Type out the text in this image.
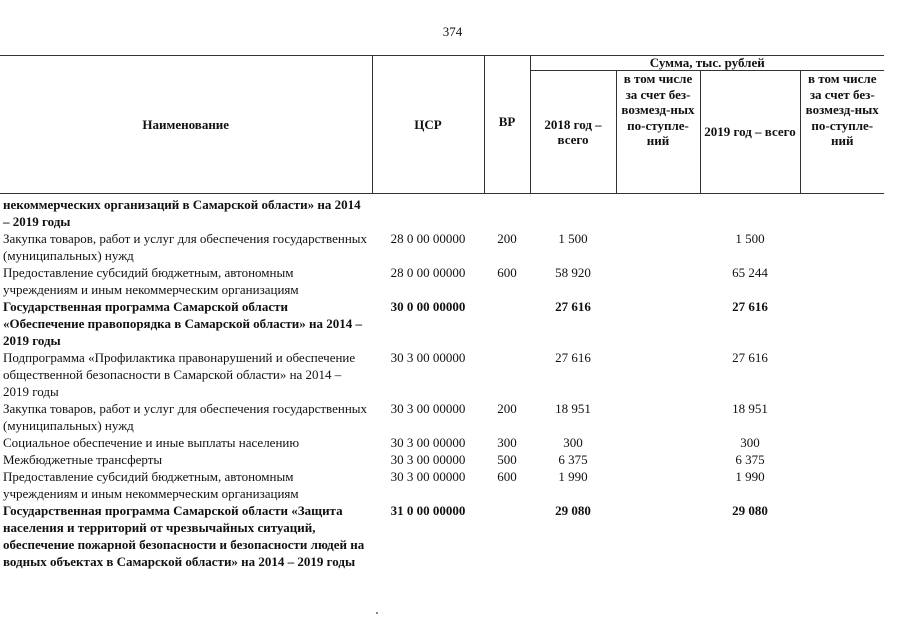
374
Наименование	ЦСР	ВР	Сумма, тыс. рублей			
			2018 год – всего	в том числе за счет без-возмезд-ных по-ступле-ний	2019 год – всего	в том числе за счет без-возмезд-ных по-ступле-ний
некоммерческих организаций в Самарской области» на 2014 – 2019 годы						
Закупка товаров, работ и услуг для обеспечения государственных (муниципальных) нужд	28 0 00 00000	200	1 500		1 500	
Предоставление субсидий бюджетным, автономным учреждениям и иным некоммерческим организациям	28 0 00 00000	600	58 920		65 244	
Государственная программа Самарской области «Обеспечение правопорядка в Самарской области» на 2014 – 2019 годы	30 0 00 00000		27 616		27 616	
Подпрограмма «Профилактика правонарушений и обеспечение общественной безопасности в Самарской области» на 2014 – 2019 годы	30 3 00 00000		27 616		27 616	
Закупка товаров, работ и услуг для обеспечения государственных (муниципальных) нужд	30 3 00 00000	200	18 951		18 951	
Социальное обеспечение и иные выплаты населению	30 3 00 00000	300	300		300	
Межбюджетные трансферты	30 3 00 00000	500	6 375		6 375	
Предоставление субсидий бюджетным, автономным учреждениям и иным некоммерческим организациям	30 3 00 00000	600	1 990		1 990	
Государственная программа Самарской области «Защита населения и территорий от чрезвычайных ситуаций, обеспечение пожарной безопасности и безопасности людей на водных объектах в Самарской области» на 2014 – 2019 годы	31 0 00 00000		29 080		29 080	
